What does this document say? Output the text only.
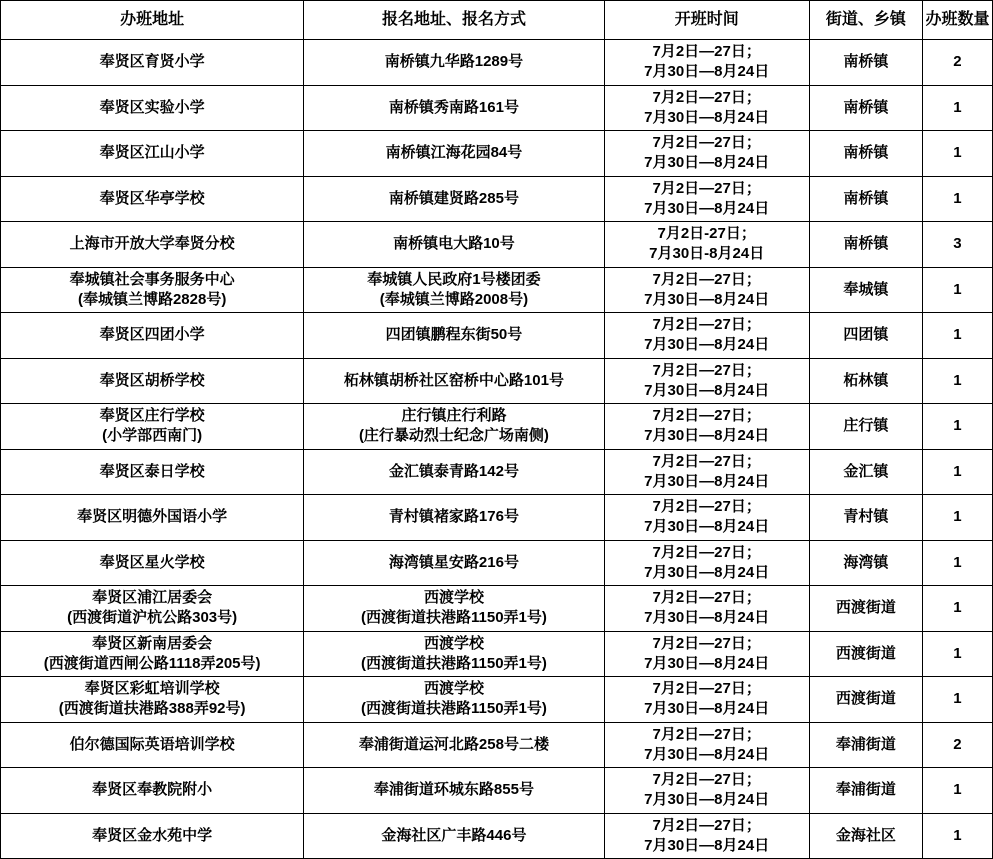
办班地址	报名地址、报名方式	开班时间	街道、乡镇	办班数量

奉贤区育贤小学	南桥镇九华路1289号	7月2日—27日；
7月30日—8月24日	南桥镇	2

奉贤区实验小学	南桥镇秀南路161号	7月2日—27日；
7月30日—8月24日	南桥镇	1

奉贤区江山小学	南桥镇江海花园84号	7月2日—27日；
7月30日—8月24日	南桥镇	1

奉贤区华亭学校	南桥镇建贤路285号	7月2日—27日；
7月30日—8月24日	南桥镇	1

上海市开放大学奉贤分校	南桥镇电大路10号	7月2日-27日；
7月30日-8月24日	南桥镇	3

奉城镇社会事务服务中心
(奉城镇兰博路2828号)	奉城镇人民政府1号楼团委
(奉城镇兰博路2008号)	7月2日—27日；
7月30日—8月24日	奉城镇	1

奉贤区四团小学	四团镇鹏程东街50号	7月2日—27日；
7月30日—8月24日	四团镇	1

奉贤区胡桥学校	柘林镇胡桥社区窑桥中心路101号	7月2日—27日；
7月30日—8月24日	柘林镇	1

奉贤区庄行学校
(小学部西南门)	庄行镇庄行利路
(庄行暴动烈士纪念广场南侧)	7月2日—27日；
7月30日—8月24日	庄行镇	1

奉贤区泰日学校	金汇镇泰青路142号	7月2日—27日；
7月30日—8月24日	金汇镇	1

奉贤区明德外国语小学	青村镇褚家路176号	7月2日—27日；
7月30日—8月24日	青村镇	1

奉贤区星火学校	海湾镇星安路216号	7月2日—27日；
7月30日—8月24日	海湾镇	1

奉贤区浦江居委会
(西渡街道沪杭公路303号)	西渡学校
(西渡街道扶港路1150弄1号)	7月2日—27日；
7月30日—8月24日	西渡街道	1

奉贤区新南居委会
(西渡街道西闸公路1118弄205号)	西渡学校
(西渡街道扶港路1150弄1号)	7月2日—27日；
7月30日—8月24日	西渡街道	1

奉贤区彩虹培训学校
(西渡街道扶港路388弄92号)	西渡学校
(西渡街道扶港路1150弄1号)	7月2日—27日；
7月30日—8月24日	西渡街道	1

伯尔德国际英语培训学校	奉浦街道运河北路258号二楼	7月2日—27日；
7月30日—8月24日	奉浦街道	2

奉贤区奉教院附小	奉浦街道环城东路855号	7月2日—27日；
7月30日—8月24日	奉浦街道	1

奉贤区金水苑中学	金海社区广丰路446号	7月2日—27日；
7月30日—8月24日	金海社区	1
